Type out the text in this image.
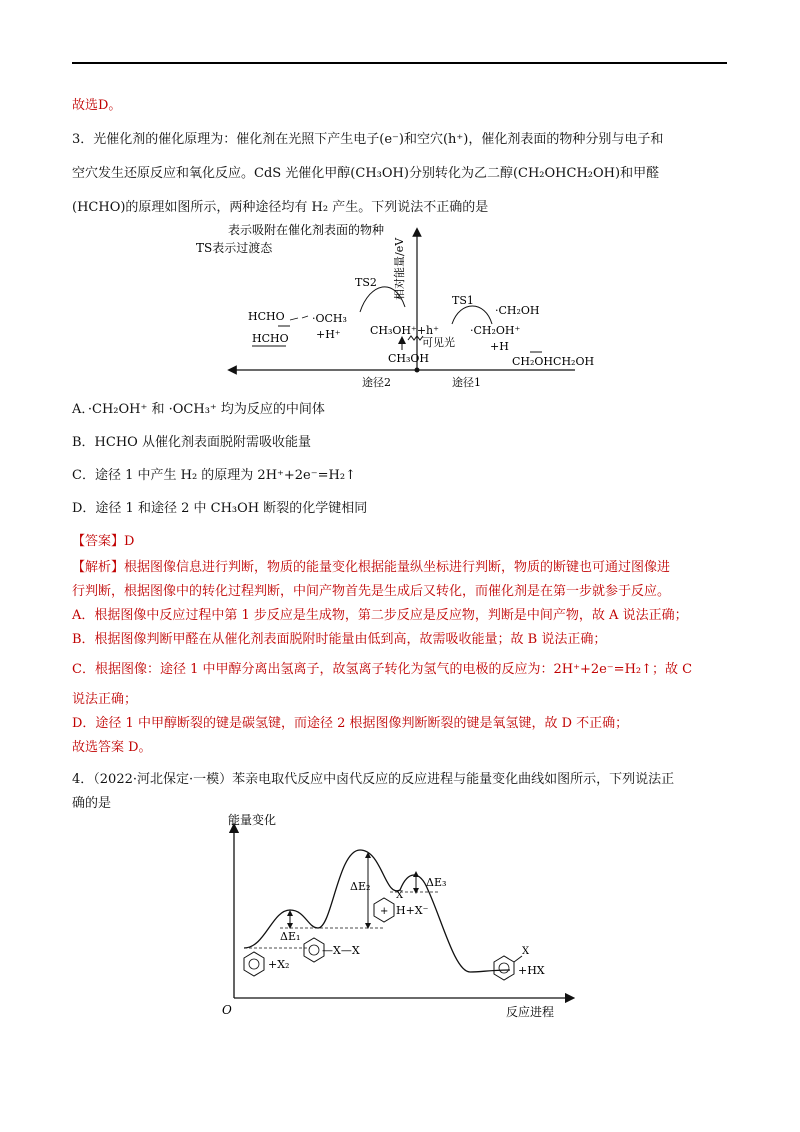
故选D。
3．光催化剂的催化原理为：催化剂在光照下产生电子(e⁻)和空穴(h⁺)，催化剂表面的物种分别与电子和
空穴发生还原反应和氧化反应。CdS 光催化甲醇(CH₃OH)分别转化为乙二醇(CH₂OHCH₂OH)和甲醛
(HCHO)的原理如图所示，两种途径均有 H₂ 产生。下列说法不正确的是
表示吸附在催化剂表面的物种
TS表示过渡态	相对能量/eV
TS2
TS1
HCHO
HCHO
·OCH₃
+H⁺	CH₃OH⁺+h⁺
可见光
CH₃OH
·CH₂OH
·CH₂OH⁺
+H
CH₂OHCH₂OH
途径2	途径1
A．·CH₂OH⁺ 和 ·OCH₃⁺ 均为反应的中间体
B．HCHO 从催化剂表面脱附需吸收能量
C．途径 1 中产生 H₂ 的原理为 2H⁺+2e⁻=H₂↑
D．途径 1 和途径 2 中 CH₃OH 断裂的化学键相同
【答案】D
【解析】根据图像信息进行判断，物质的能量变化根据能量纵坐标进行判断，物质的断键也可通过图像进
行判断，根据图像中的转化过程判断，中间产物首先是生成后又转化，而催化剂是在第一步就参于反应。
A．根据图像中反应过程中第 1 步反应是生成物，第二步反应是反应物，判断是中间产物，故 A 说法正确；
B．根据图像判断甲醛在从催化剂表面脱附时能量由低到高，故需吸收能量；故 B 说法正确；
C．根据图像：途径 1 中甲醇分离出氢离子，故氢离子转化为氢气的电极的反应为：2H⁺+2e⁻=H₂↑；故 C
说法正确；
D．途径 1 中甲醇断裂的键是碳氢键，而途径 2 根据图像判断断裂的键是氧氢键，故 D 不正确；
故选答案 D。
4．（2022·河北保定·一模）苯亲电取代反应中卤代反应的反应进程与能量变化曲线如图所示，下列说法正
确的是
能量变化
反应进程
O
ΔE₁
ΔE₂	ΔE₃
+X₂
—X—X
+
X
H+X⁻
X
+HX
